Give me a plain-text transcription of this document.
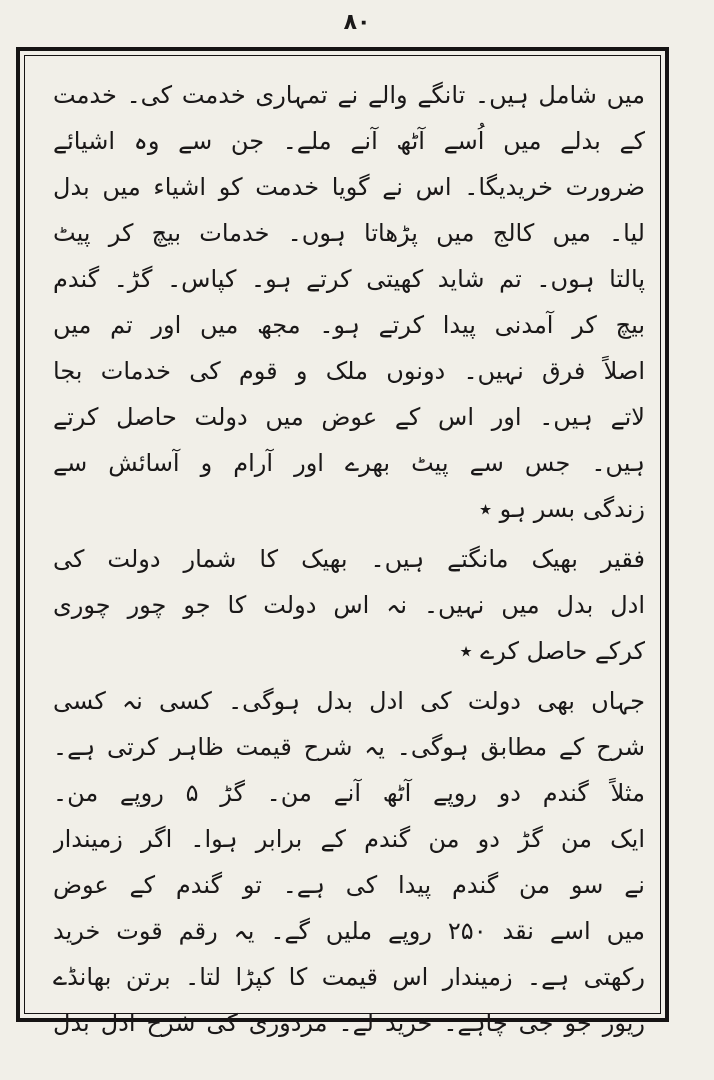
۸۰
میں شامل ہیں۔ تانگے والے نے تمہاری خدمت کی۔ خدمت
کے بدلے میں اُسے آٹھ آنے ملے۔ جن سے وہ اشیائے
ضرورت خریدیگا۔ اس نے گویا خدمت کو اشیاء میں بدل
لیا۔ میں کالج میں پڑھاتا ہوں۔ خدمات بیچ کر پیٹ
پالتا ہوں۔ تم شاید کھیتی کرتے ہو۔ کپاس۔ گڑ۔ گندم
بیچ کر آمدنی پیدا کرتے ہو۔ مجھ میں اور تم میں
اصلاً فرق نہیں۔ دونوں ملک و قوم کی خدمات بجا
لاتے ہیں۔ اور اس کے عوض میں دولت حاصل کرتے
ہیں۔ جس سے پیٹ بھرے اور آرام و آسائش سے
زندگی بسر ہو ٭
فقیر بھیک مانگتے ہیں۔ بھیک کا شمار دولت کی
ادل بدل میں نہیں۔ نہ اس دولت کا جو چور چوری
کرکے حاصل کرے ٭
جہاں بھی دولت کی ادل بدل ہوگی۔ کسی نہ کسی
شرح کے مطابق ہوگی۔ یہ شرح قیمت ظاہر کرتی ہے۔
مثلاً گندم دو روپے آٹھ آنے من۔ گڑ ۵ روپے من۔
ایک من گڑ دو من گندم کے برابر ہوا۔ اگر زمیندار
نے سو من گندم پیدا کی ہے۔ تو گندم کے عوض
میں اسے نقد ۲۵۰ روپے ملیں گے۔ یہ رقم قوت خرید
رکھتی ہے۔ زمیندار اس قیمت کا کپڑا لتا۔ برتن بھانڈے
زیور جو جی چاہے۔ خرید لے۔ مزدوری کی شرح ادل بدل
